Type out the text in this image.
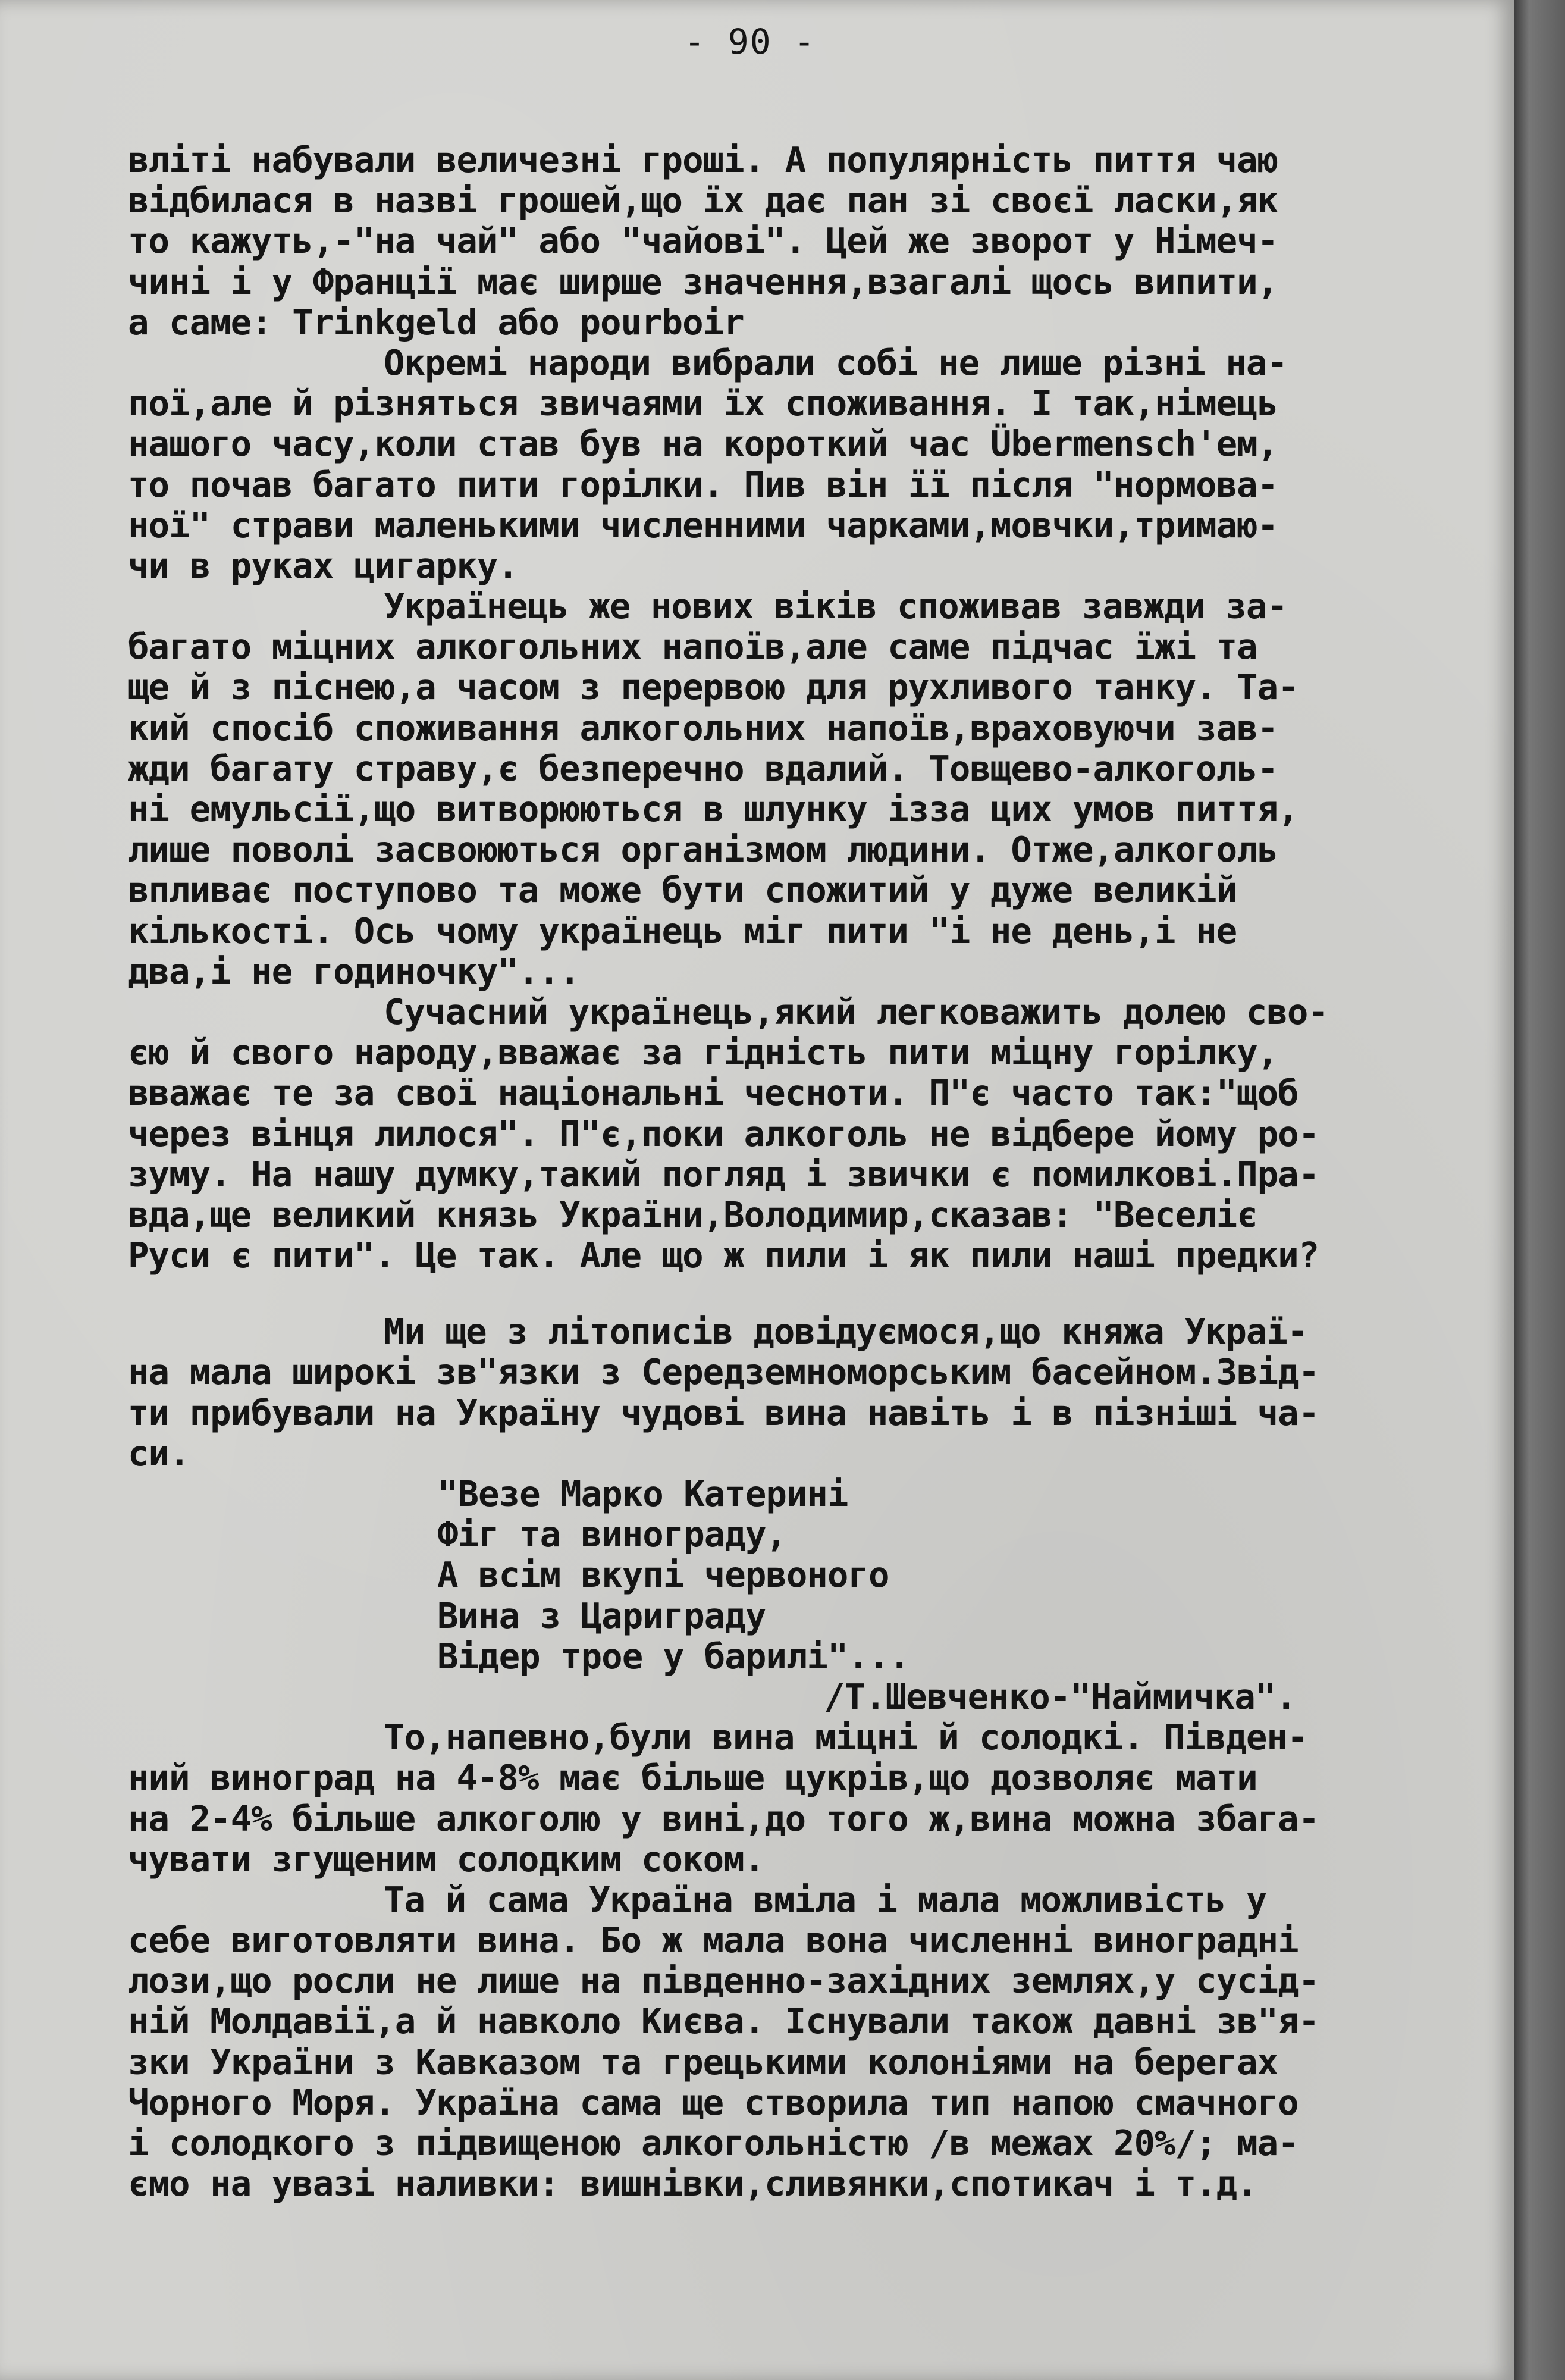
- 90 -
вліті набували величезні гроші. А популярність пиття чаю
відбилася в назві грошей,що їх дає пан зі своєї ласки,як
то кажуть,-"на чай" або "чайові". Цей же зворот у Німеч-
чині і у Франції має ширше значення,взагалі щось випити,
а саме: Trinkgeld або pourboir
Окремі народи вибрали собі не лише різні на-
пої,але й різняться звичаями їх споживання. І так,німець
нашого часу,коли став був на короткий час Übermensch'ем,
то почав багато пити горілки. Пив він її після "нормова-
ної" страви маленькими численними чарками,мовчки,тримаю-
чи в руках цигарку.
Українець же нових віків споживав завжди за-
багато міцних алкогольних напоїв,але саме підчас їжі та
ще й з піснею,а часом з перервою для рухливого танку. Та-
кий спосіб споживання алкогольних напоїв,враховуючи зав-
жди багату страву,є безперечно вдалий. Товщево-алкоголь-
ні емульсії,що витворюються в шлунку ізза цих умов пиття,
лише поволі засвоюються організмом людини. Отже,алкоголь
впливає поступово та може бути спожитий у дуже великій
кількості. Ось чому українець міг пити "і не день,і не
два,і не годиночку"...
Сучасний українець,який легковажить долею сво-
єю й свого народу,вважає за гідність пити міцну горілку,
вважає те за свої національні чесноти. П"є часто так:"щоб
через вінця лилося". П"є,поки алкоголь не відбере йому ро-
зуму. На нашу думку,такий погляд і звички є помилкові.Пра-
вда,ще великий князь України,Володимир,сказав: "Веселіє
Руси є пити". Це так. Але що ж пили і як пили наші предки?
Ми ще з літописів довідуємося,що княжа Украї-
на мала широкі зв"язки з Середземноморським басейном.Звід-
ти прибували на Україну чудові вина навіть і в пізніші ча-
си.
"Везе Марко Катерині
Фіг та винограду,
А всім вкупі червоного
Вина з Цариграду
Відер трое у барилі"...
/Т.Шевченко-"Наймичка".
То,напевно,були вина міцні й солодкі. Півден-
ний виноград на 4-8% має більше цукрів,що дозволяє мати
на 2-4% більше алкоголю у вині,до того ж,вина можна збага-
чувати згущеним солодким соком.
Та й сама Україна вміла і мала можливість у
себе виготовляти вина. Бо ж мала вона численні виноградні
лози,що росли не лише на південно-західних землях,у сусід-
ній Молдавії,а й навколо Києва. Існували також давні зв"я-
зки України з Кавказом та грецькими колоніями на берегах
Чорного Моря. Україна сама ще створила тип напою смачного
і солодкого з підвищеною алкогольністю /в межах 20%/; ма-
ємо на увазі наливки: вишнівки,сливянки,спотикач і т.д.
